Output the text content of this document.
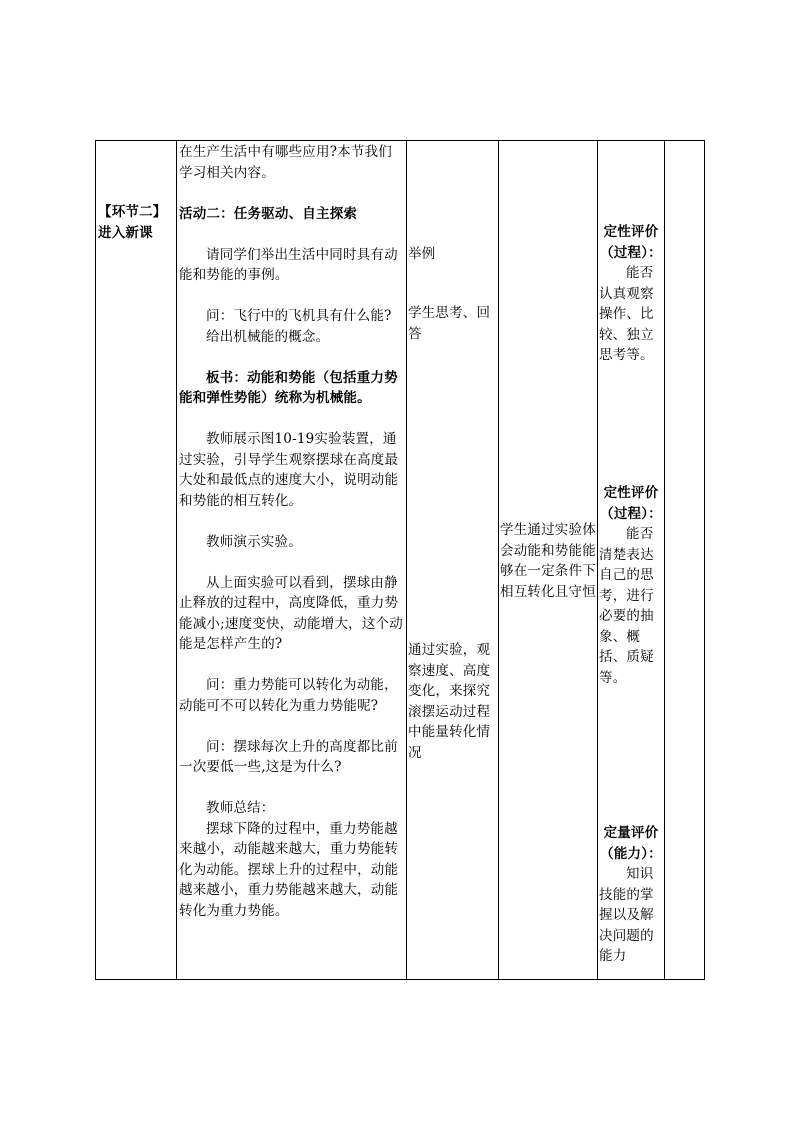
【环节二】

进入新课

在生产生活中有哪些应用?本节我们学习相关内容。

活动二：任务驱动、自主探索

请同学们举出生活中同时具有动能和势能的事例。

问：飞行中的飞机具有什么能?

给出机械能的概念。

板书：动能和势能（包括重力势能和弹性势能）统称为机械能。

教师展示图10-19实验装置，通过实验，引导学生观察摆球在高度最大处和最低点的速度大小，说明动能和势能的相互转化。

教师演示实验。

从上面实验可以看到，摆球由静止释放的过程中，高度降低，重力势能减小;速度变快，动能增大，这个动能是怎样产生的?

问：重力势能可以转化为动能，动能可不可以转化为重力势能呢?

问：摆球每次上升的高度都比前一次要低一些,这是为什么?

教师总结：

摆球下降的过程中，重力势能越来越小，动能越来越大，重力势能转化为动能。摆球上升的过程中，动能越来越小，重力势能越来越大，动能转化为重力势能。

举例
学生思考、回答
通过实验，观察速度、高度变化，来探究滚摆运动过程中能量转化情况
学生通过实验体会动能和势能能够在一定条件下相互转化且守恒

定性评价（过程）：

能否认真观察操作、比较、独立思考等。

定性评价（过程）：

能否清楚表达自己的思考，进行必要的抽象、概括、质疑等。

定量评价（能力）：

知识技能的掌握以及解决问题的能力
